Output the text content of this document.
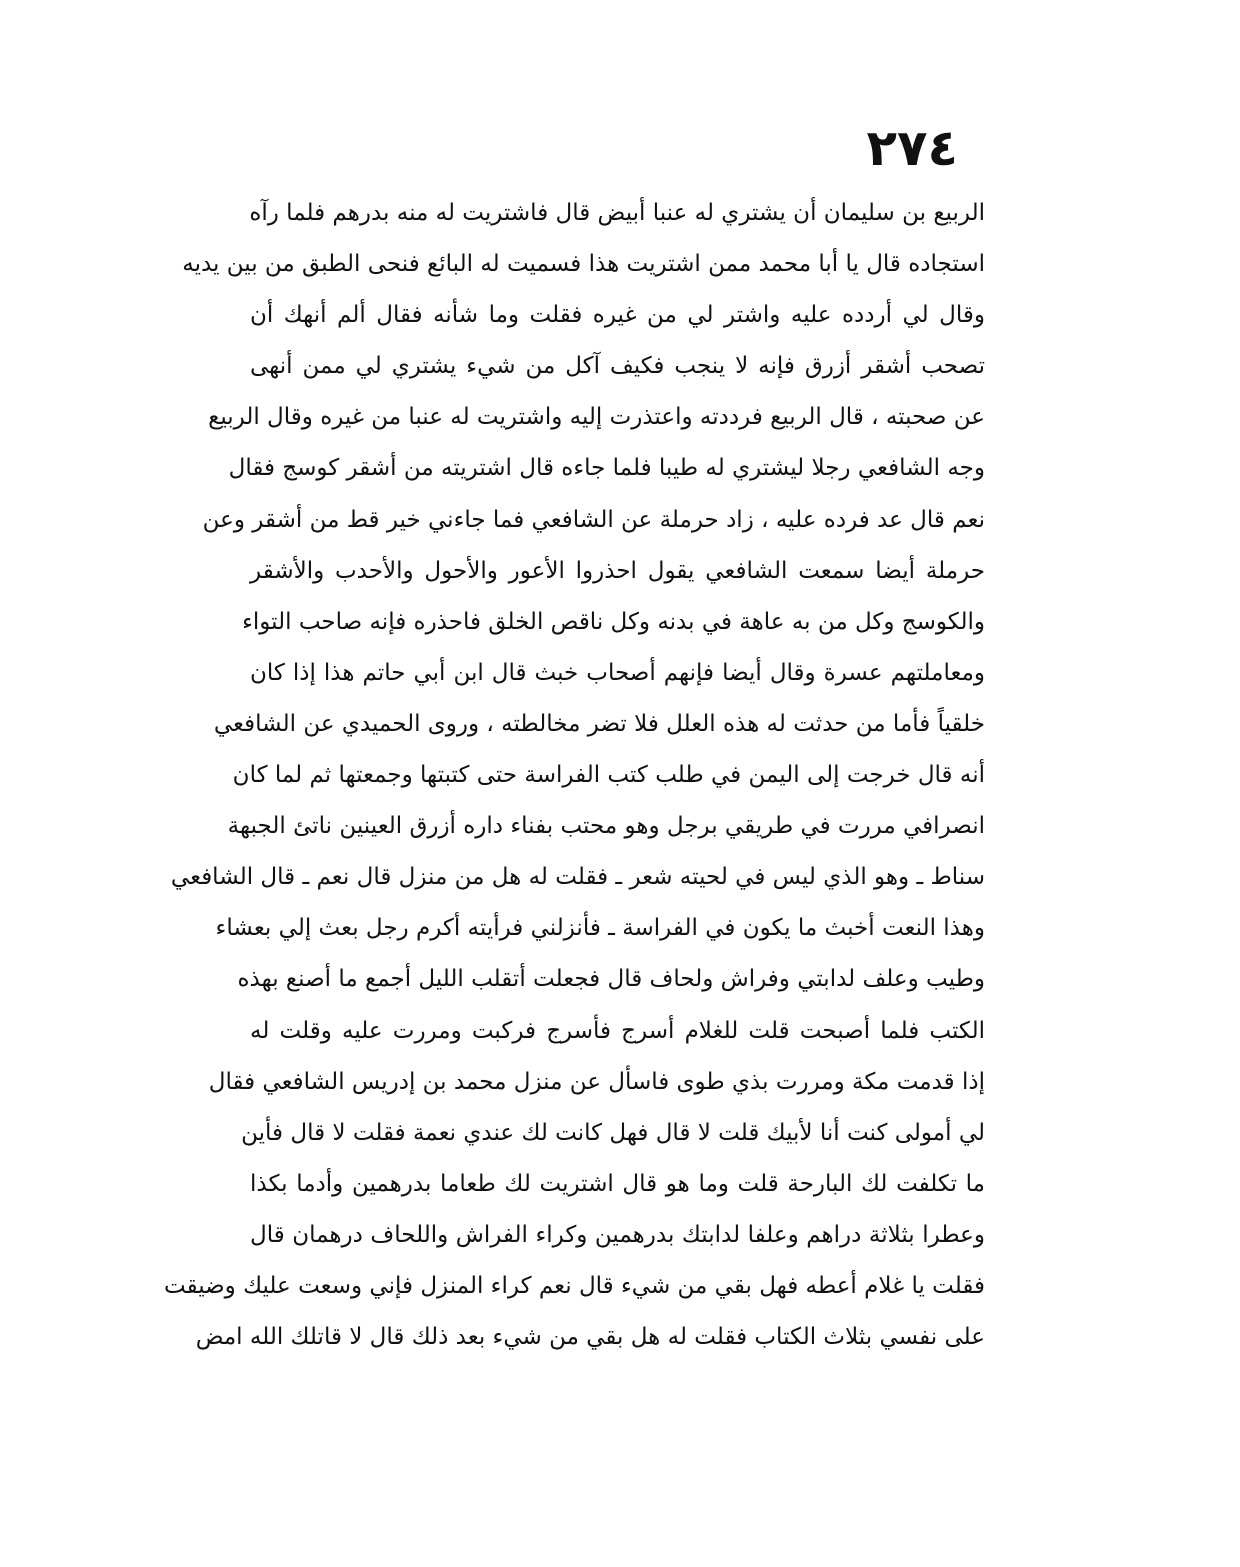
٢٧٤
الربيع بن سليمان أن يشتري له عنبا أبيض قال فاشتريت له منه بدرهم فلما رآه
استجاده قال يا أبا محمد ممن اشتريت هذا فسميت له البائع فنحى الطبق من بين يديه
وقال لي أردده عليه واشتر لي من غيره فقلت وما شأنه فقال ألم أنهك أن
تصحب أشقر أزرق فإنه لا ينجب فكيف آكل من شيء يشتري لي ممن أنهى
عن صحبته ، قال الربيع فرددته واعتذرت إليه واشتريت له عنبا من غيره وقال الربيع
وجه الشافعي رجلا ليشتري له طيبا فلما جاءه قال اشتريته من أشقر كوسج فقال
نعم قال عد فرده عليه ، زاد حرملة عن الشافعي فما جاءني خير قط من أشقر وعن
حرملة أيضا سمعت الشافعي يقول احذروا الأعور والأحول والأحدب والأشقر
والكوسج وكل من به عاهة في بدنه وكل ناقص الخلق فاحذره فإنه صاحب التواء
ومعاملتهم عسرة وقال أيضا فإنهم أصحاب خبث قال ابن أبي حاتم هذا إذا كان
خلقياً فأما من حدثت له هذه العلل فلا تضر مخالطته ، وروى الحميدي عن الشافعي
أنه قال خرجت إلى اليمن في طلب كتب الفراسة حتى كتبتها وجمعتها ثم لما كان
انصرافي مررت في طريقي برجل وهو محتب بفناء داره أزرق العينين ناتئ الجبهة
سناط ـ وهو الذي ليس في لحيته شعر ـ فقلت له هل من منزل قال نعم ـ قال الشافعي
وهذا النعت أخبث ما يكون في الفراسة ـ فأنزلني فرأيته أكرم رجل بعث إلي بعشاء
وطيب وعلف لدابتي وفراش ولحاف قال فجعلت أتقلب الليل أجمع ما أصنع بهذه
الكتب فلما أصبحت قلت للغلام أسرج فأسرج فركبت ومررت عليه وقلت له
إذا قدمت مكة ومررت بذي طوى فاسأل عن منزل محمد بن إدريس الشافعي فقال
لي أمولى كنت أنا لأبيك قلت لا قال فهل كانت لك عندي نعمة فقلت لا قال فأين
ما تكلفت لك البارحة قلت وما هو قال اشتريت لك طعاما بدرهمين وأدما بكذا
وعطرا بثلاثة دراهم وعلفا لدابتك بدرهمين وكراء الفراش واللحاف درهمان قال
فقلت يا غلام أعطه فهل بقي من شيء قال نعم كراء المنزل فإني وسعت عليك وضيقت
على نفسي بثلاث الكتاب فقلت له هل بقي من شيء بعد ذلك قال لا قاتلك الله امض
